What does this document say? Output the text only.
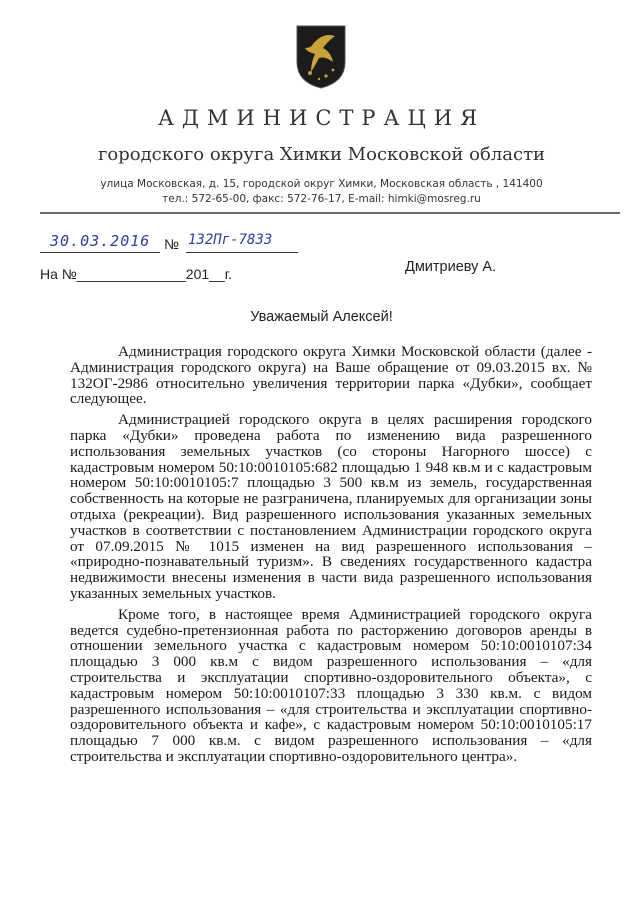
АДМИНИСТРАЦИЯ
городского округа Химки Московской области
улица Московская, д. 15, городской округ Химки, Московская область , 141400
тел.: 572-65-00, факс: 572-76-17, E-mail: himki@mosreg.ru
30.03.2016 № 132Пг-7833
На №______________201__г.	Дмитриеву А.
Уважаемый Алексей!

Администрация городского округа Химки Московской области (далее - Администрация городского округа) на Ваше обращение от 09.03.2015 вх. № 132ОГ-2986 относительно увеличения территории парка «Дубки», сообщает следующее.

Администрацией городского округа в целях расширения городского парка «Дубки» проведена работа по изменению вида разрешенного использования земельных участков (со стороны Нагорного шоссе) с кадастровым номером 50:10:0010105:682 площадью 1 948 кв.м и с кадастровым номером 50:10:0010105:7 площадью 3 500 кв.м из земель, государственная собственность на которые не разграничена, планируемых для организации зоны отдыха (рекреации). Вид разрешенного использования указанных земельных участков в соответствии с постановлением Администрации городского округа от 07.09.2015 № 1015 изменен на вид разрешенного использования – «природно-познавательный туризм». В сведениях государственного кадастра недвижимости внесены изменения в части вида разрешенного использования указанных земельных участков.

Кроме того, в настоящее время Администрацией городского округа ведется судебно-претензионная работа по расторжению договоров аренды в отношении земельного участка с кадастровым номером 50:10:0010107:34 площадью 3 000 кв.м с видом разрешенного использования – «для строительства и эксплуатации спортивно-оздоровительного объекта», с кадастровым номером 50:10:0010107:33 площадью 3 330 кв.м. с видом разрешенного использования – «для строительства и эксплуатации спортивно-оздоровительного объекта и кафе», с кадастровым номером 50:10:0010105:17 площадью 7 000 кв.м. с видом разрешенного использования – «для строительства и эксплуатации спортивно-оздоровительного центра».
